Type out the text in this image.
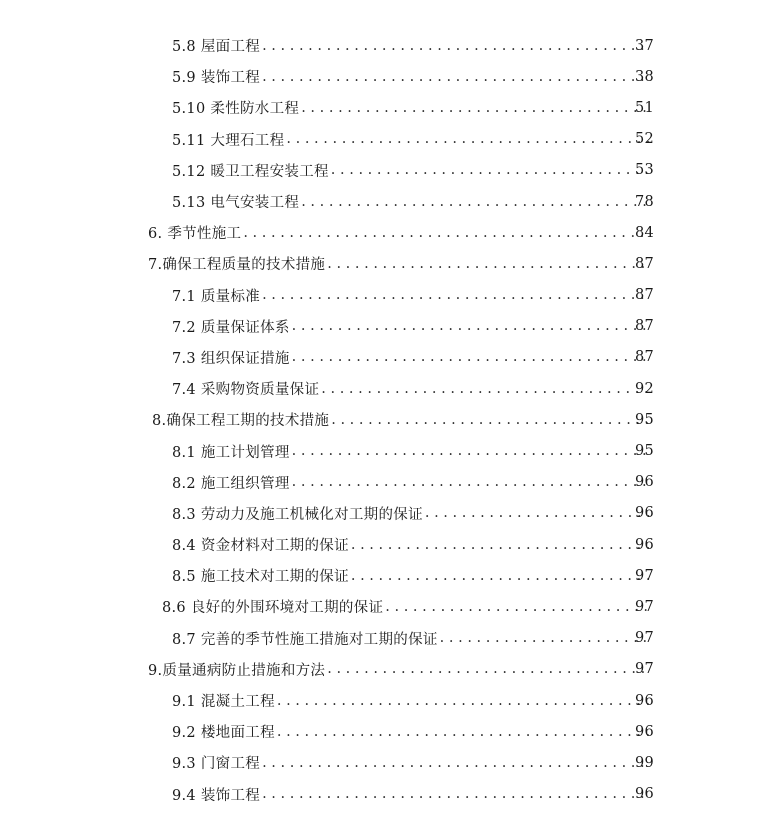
5.8 屋面工程 . . .	37
5.9 装饰工程 . . .	38
5.10 柔性防水工程 . . .	51
5.11 大理石工程 . . .	52
5.12 暖卫工程安装工程 . . .	53
5.13 电气安装工程 . . .	78
6. 季节性施工 . . .	84
7.确保工程质量的技术措施 . . .	87
7.1 质量标准 . . .	87
7.2 质量保证体系 . . .	87
7.3 组织保证措施 . . .	87
7.4 采购物资质量保证 . . .	92
8.确保工程工期的技术措施 . . .	95
8.1 施工计划管理 . . .	95
8.2 施工组织管理 . . .	96
8.3 劳动力及施工机械化对工期的保证 . . .	96
8.4 资金材料对工期的保证 . . .	96
8.5 施工技术对工期的保证 . . .	97
8.6 良好的外围环境对工期的保证 . . .	97
8.7 完善的季节性施工措施对工期的保证 . . .	97
9.质量通病防止措施和方法 . . .	97
9.1 混凝土工程 . . .	96
9.2 楼地面工程 . . .	96
9.3 门窗工程 . . .	99
9.4 装饰工程 . . .	96
